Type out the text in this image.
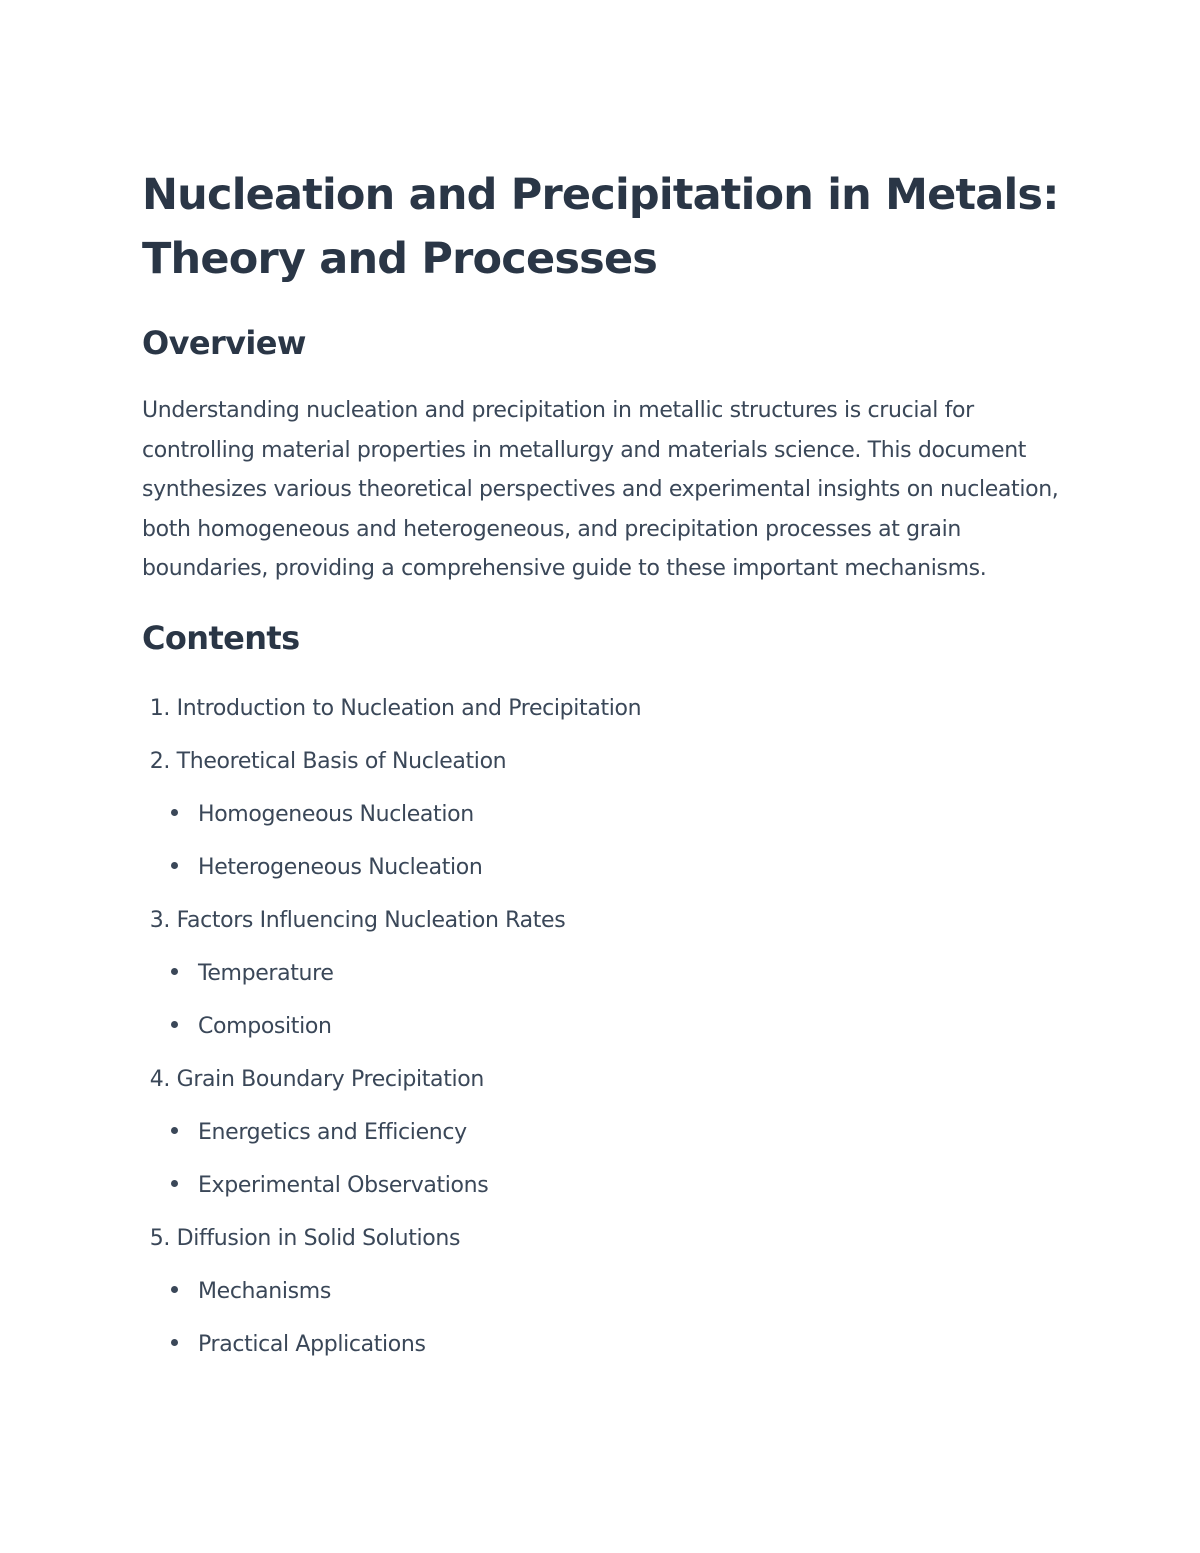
Nucleation and Precipitation in Metals: Theory and Processes
Overview

Understanding nucleation and precipitation in metallic structures is crucial for controlling material properties in metallurgy and materials science. This document synthesizes various theoretical perspectives and experimental insights on nucleation, both homogeneous and heterogeneous, and precipitation processes at grain boundaries, providing a comprehensive guide to these important mechanisms.

Contents
1. Introduction to Nucleation and Precipitation
2. Theoretical Basis of Nucleation
Homogeneous Nucleation
Heterogeneous Nucleation
3. Factors Influencing Nucleation Rates
Temperature
Composition
4. Grain Boundary Precipitation
Energetics and Efficiency
Experimental Observations
5. Diffusion in Solid Solutions
Mechanisms
Practical Applications
